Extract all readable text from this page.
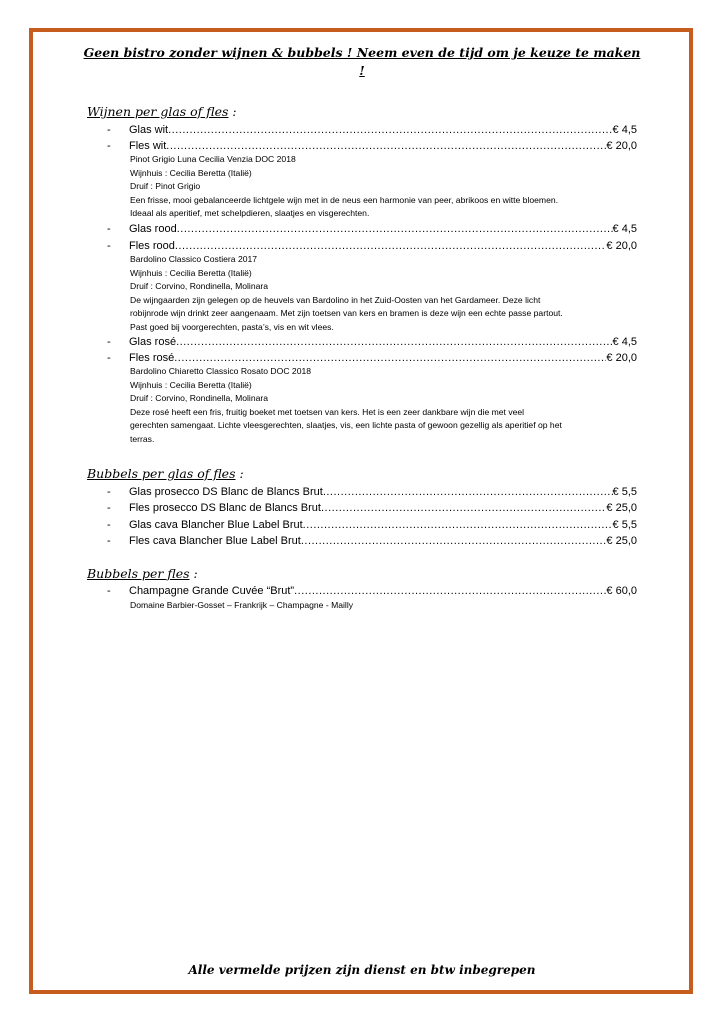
Geen bistro zonder wijnen & bubbels ! Neem even de tijd om je keuze te maken !
Wijnen per glas of fles :
-	Glas wit .....	€ 4,5
-	Fles wit .....	€ 20,0
Pinot Grigio Luna Cecilia Venzia DOC 2018
Wijnhuis : Cecilia Beretta (Italië)
Druif : Pinot Grigio
Een frisse, mooi gebalanceerde lichtgele wijn met in de neus een harmonie van peer, abrikoos en witte bloemen.
Ideaal als aperitief, met schelpdieren, slaatjes en visgerechten.
-	Glas rood .....	€ 4,5
-	Fles rood .....	€ 20,0
Bardolino Classico Costiera 2017
Wijnhuis : Cecilia Beretta (Italië)
Druif : Corvino, Rondinella, Molinara
De wijngaarden zijn gelegen op de heuvels van Bardolino in het Zuid-Oosten van het Gardameer. Deze licht
robijnrode wijn drinkt zeer aangenaam. Met zijn toetsen van kers en bramen is deze wijn een echte passe partout.
Past goed bij voorgerechten, pasta’s, vis en wit vlees.
-	Glas rosé .....	€ 4,5
-	Fles rosé .....	€ 20,0
Bardolino Chiaretto Classico Rosato DOC 2018
Wijnhuis : Cecilia Beretta (Italië)
Druif : Corvino, Rondinella, Molinara
Deze rosé heeft een fris, fruitig boeket met toetsen van kers. Het is een zeer dankbare wijn die met veel
gerechten samengaat. Lichte vleesgerechten, slaatjes, vis, een lichte pasta of gewoon gezellig als aperitief op het
terras.
Bubbels per glas of fles :
-	Glas prosecco DS Blanc de Blancs Brut .....	€ 5,5
-	Fles prosecco DS Blanc de Blancs Brut .....	€ 25,0
-	Glas cava Blancher Blue Label Brut .....	€ 5,5
-	Fles cava Blancher Blue Label Brut .....	€ 25,0
Bubbels per fles :
-	Champagne Grande Cuvée “Brut” .....	€ 60,0
Domaine Barbier-Gosset – Frankrijk – Champagne - Mailly
Alle vermelde prijzen zijn dienst en btw inbegrepen
